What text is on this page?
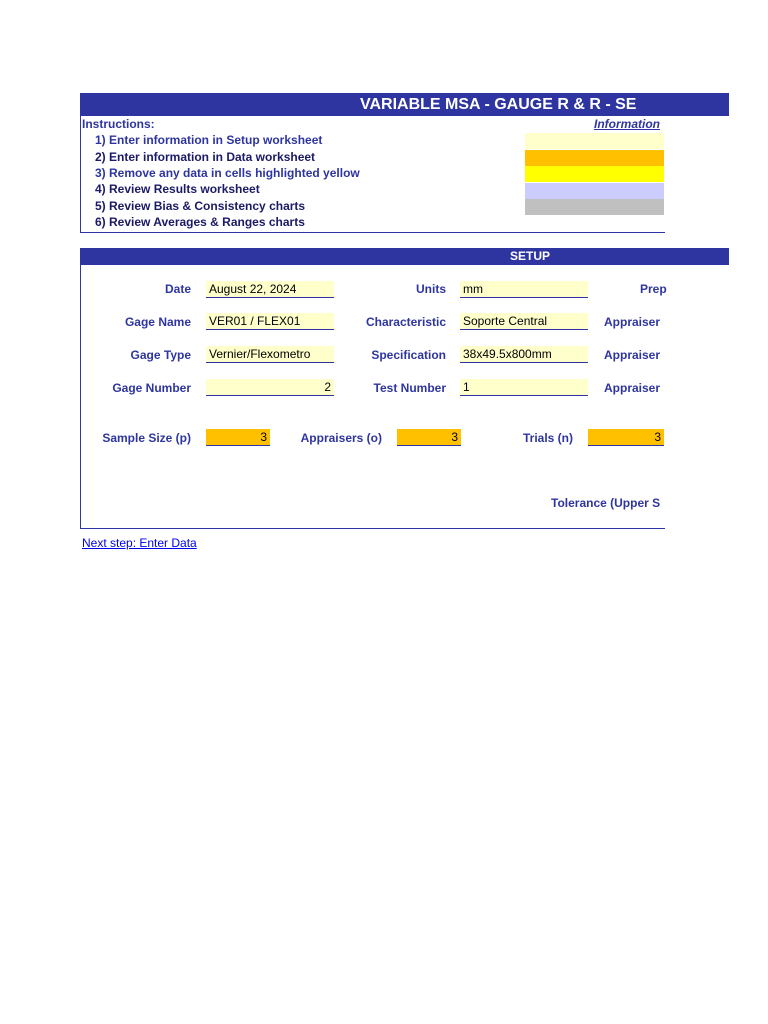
VARIABLE MSA - GAUGE R & R - SE
Instructions:	Information
1) Enter information in Setup worksheet
2) Enter information in Data worksheet
3) Remove any data in cells highlighted yellow
4) Review Results worksheet
5) Review Bias & Consistency charts
6) Review Averages & Ranges charts
SETUP
Date August 22, 2024	Units mm	Prep
Gage Name VER01 / FLEX01	Characteristic Soporte Central	Appraiser
Gage Type Vernier/Flexometro	Specification 38x49.5x800mm	Appraiser
Gage Number	2	Test Number 1	Appraiser
Sample Size (p)	3	Appraisers (o)	3	Trials (n)	3
Tolerance (Upper S
Next step: Enter Data
